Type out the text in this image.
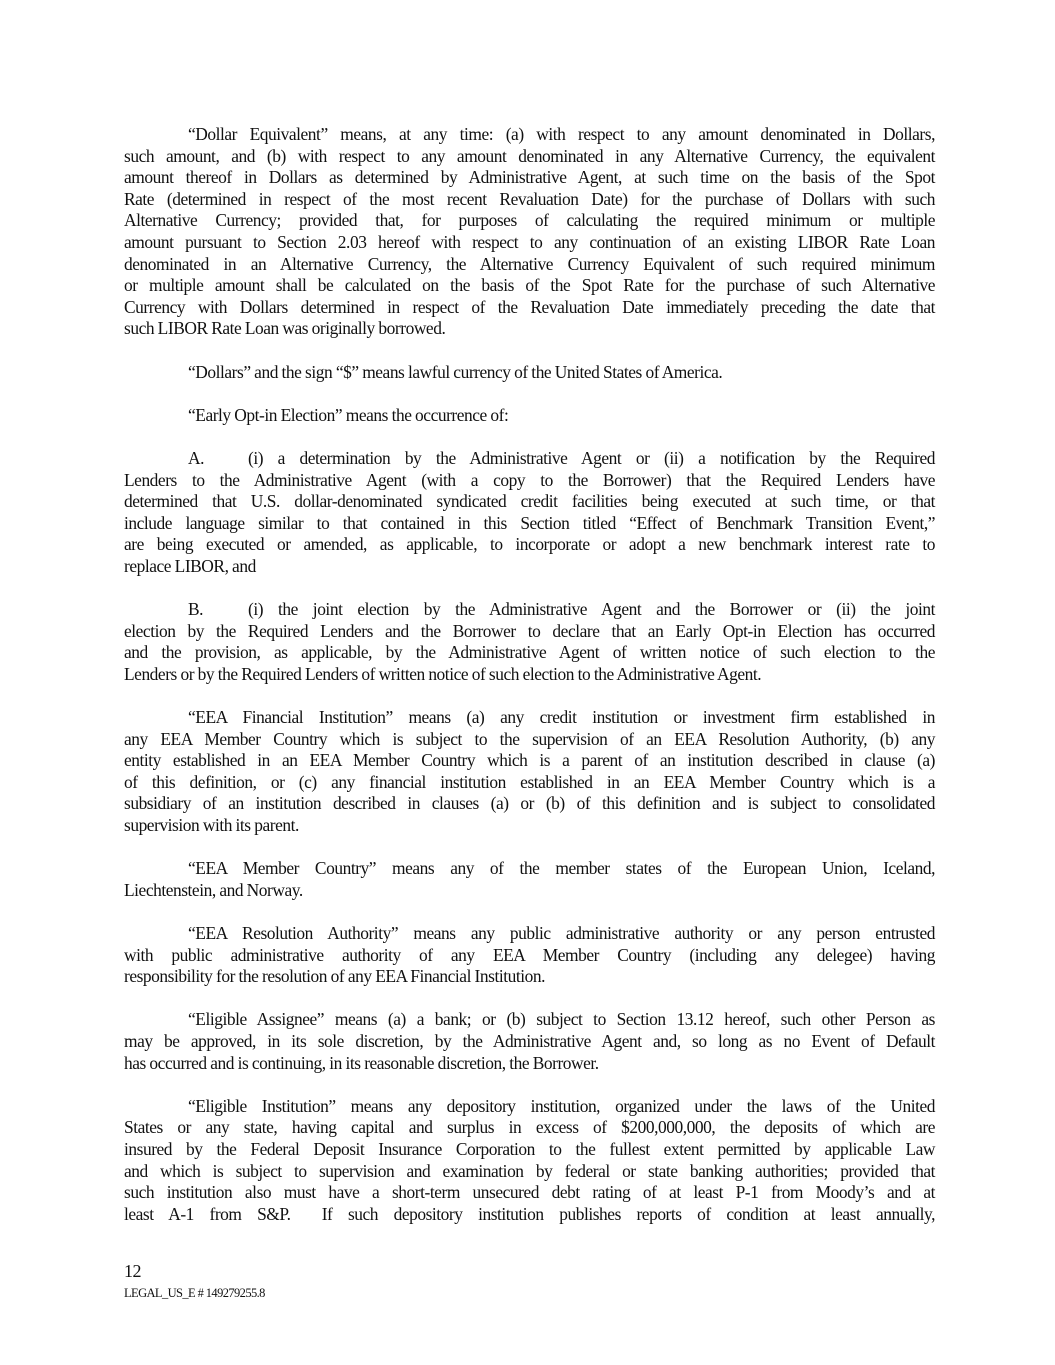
“Dollar Equivalent” means, at any time: (a) with respect to any amount denominated in Dollars,
such amount, and (b) with respect to any amount denominated in any Alternative Currency, the equivalent
amount thereof in Dollars as determined by Administrative Agent, at such time on the basis of the Spot
Rate (determined in respect of the most recent Revaluation Date) for the purchase of Dollars with such
Alternative Currency; provided that, for purposes of calculating the required minimum or multiple
amount pursuant to Section 2.03 hereof with respect to any continuation of an existing LIBOR Rate Loan
denominated in an Alternative Currency, the Alternative Currency Equivalent of such required minimum
or multiple amount shall be calculated on the basis of the Spot Rate for the purchase of such Alternative
Currency with Dollars determined in respect of the Revaluation Date immediately preceding the date that
such LIBOR Rate Loan was originally borrowed.
“Dollars” and the sign “$” means lawful currency of the United States of America.
“Early Opt-in Election” means the occurrence of:
A.	(i) a determination by the Administrative Agent or (ii) a notification by the Required
Lenders to the Administrative Agent (with a copy to the Borrower) that the Required Lenders have
determined that U.S. dollar-denominated syndicated credit facilities being executed at such time, or that
include language similar to that contained in this Section titled “Effect of Benchmark Transition Event,”
are being executed or amended, as applicable, to incorporate or adopt a new benchmark interest rate to
replace LIBOR, and
B.	(i) the joint election by the Administrative Agent and the Borrower or (ii) the joint
election by the Required Lenders and the Borrower to declare that an Early Opt-in Election has occurred
and the provision, as applicable, by the Administrative Agent of written notice of such election to the
Lenders or by the Required Lenders of written notice of such election to the Administrative Agent.
“EEA Financial Institution” means (a) any credit institution or investment firm established in
any EEA Member Country which is subject to the supervision of an EEA Resolution Authority, (b) any
entity established in an EEA Member Country which is a parent of an institution described in clause (a)
of this definition, or (c) any financial institution established in an EEA Member Country which is a
subsidiary of an institution described in clauses (a) or (b) of this definition and is subject to consolidated
supervision with its parent.
“EEA Member Country” means any of the member states of the European Union, Iceland,
Liechtenstein, and Norway.
“EEA Resolution Authority” means any public administrative authority or any person entrusted
with public administrative authority of any EEA Member Country (including any delegee) having
responsibility for the resolution of any EEA Financial Institution.
“Eligible Assignee” means (a) a bank; or (b) subject to Section 13.12 hereof, such other Person as
may be approved, in its sole discretion, by the Administrative Agent and, so long as no Event of Default
has occurred and is continuing, in its reasonable discretion, the Borrower.
“Eligible Institution” means any depository institution, organized under the laws of the United
States or any state, having capital and surplus in excess of $200,000,000, the deposits of which are
insured by the Federal Deposit Insurance Corporation to the fullest extent permitted by applicable Law
and which is subject to supervision and examination by federal or state banking authorities; provided that
such institution also must have a short-term unsecured debt rating of at least P-1 from Moody’s and at
least A-1 from S&P.  If such depository institution publishes reports of condition at least annually,
12
LEGAL_US_E # 149279255.8
